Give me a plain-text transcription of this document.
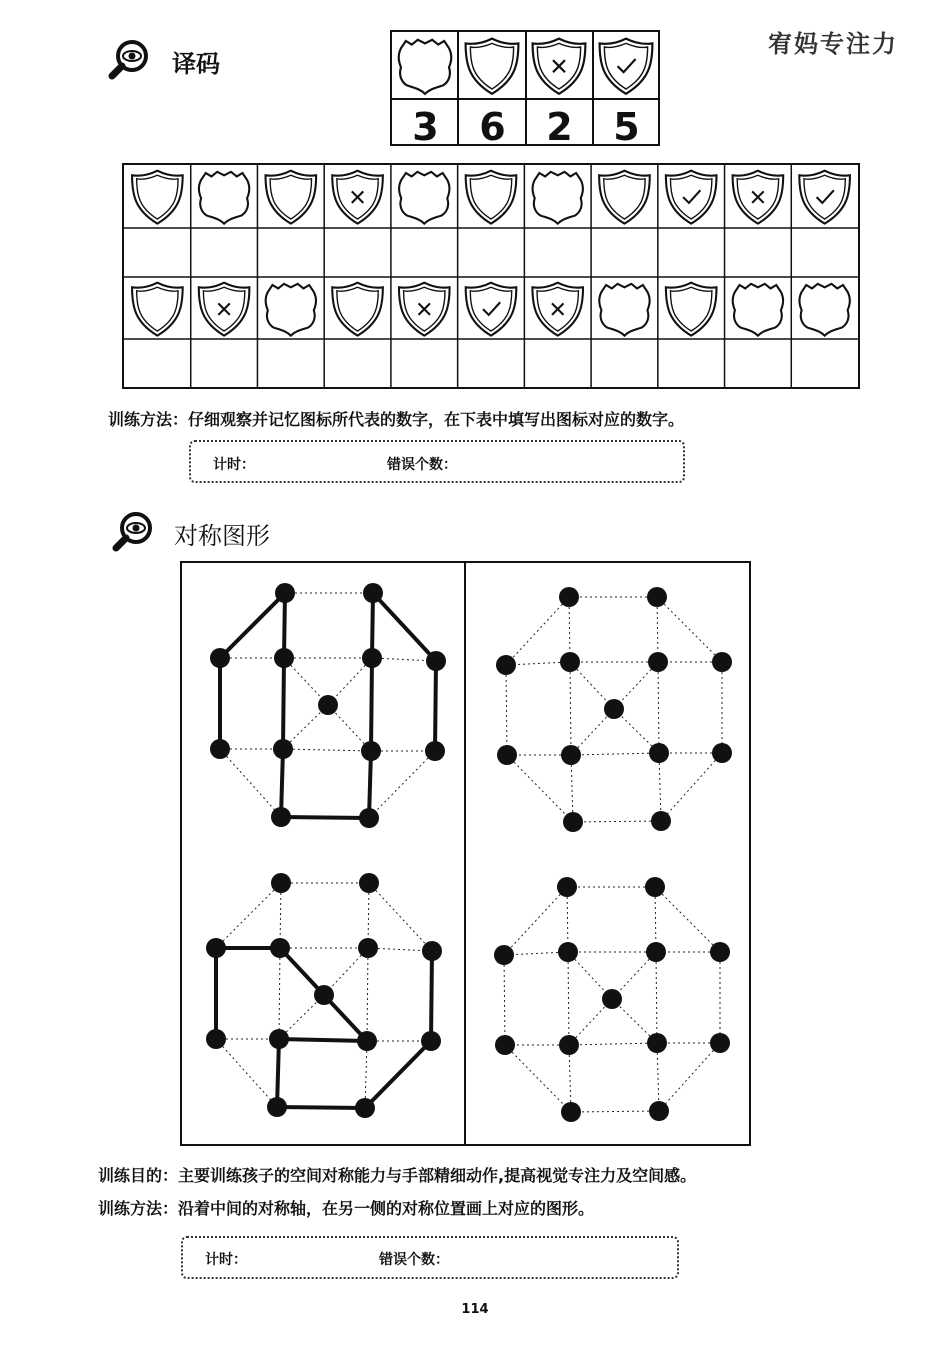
宥妈专注力
译码
3	6	2	5
训练方法：仔细观察并记忆图标所代表的数字，在下表中填写出图标对应的数字。
计时：	错误个数：
对称图形
训练目的：主要训练孩子的空间对称能力与手部精细动作,提高视觉专注力及空间感。
训练方法：沿着中间的对称轴，在另一侧的对称位置画上对应的图形。
计时：	错误个数：
114
